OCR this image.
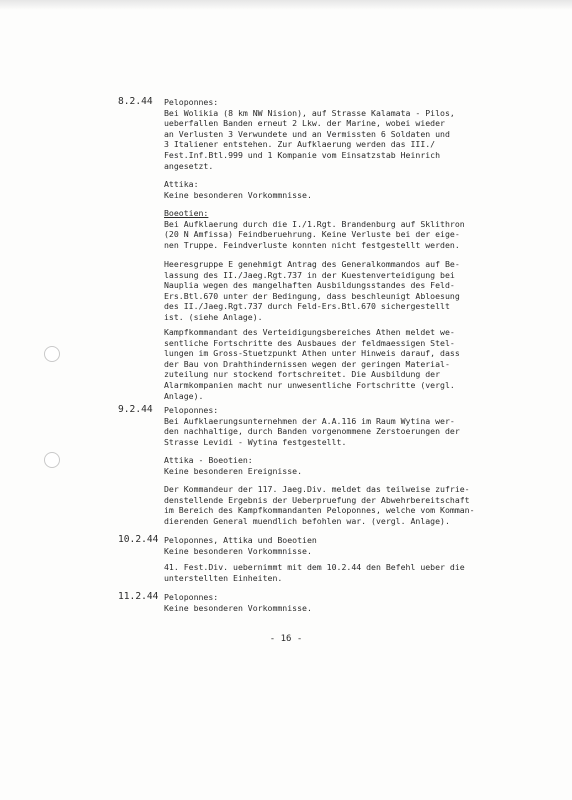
8.2.44 Peloponnes:
Bei Wolikia (8 km NW Nision), auf Strasse Kalamata - Pilos,
ueberfallen Banden erneut 2 Lkw. der Marine, wobei wieder
an Verlusten 3 Verwundete und an Vermissten 6 Soldaten und
3 Italiener entstehen. Zur Aufklaerung werden das III./
Fest.Inf.Btl.999 und 1 Kompanie vom Einsatzstab Heinrich
angesetzt.
Attika:
Keine besonderen Vorkommnisse.
Boeotien:
Bei Aufklaerung durch die I./1.Rgt. Brandenburg auf Sklithron
(20 N Amfissa) Feindberuehrung. Keine Verluste bei der eige-
nen Truppe. Feindverluste konnten nicht festgestellt werden.
Heeresgruppe E genehmigt Antrag des Generalkommandos auf Be-
lassung des II./Jaeg.Rgt.737 in der Kuestenverteidigung bei
Nauplia wegen des mangelhaften Ausbildungsstandes des Feld-
Ers.Btl.670 unter der Bedingung, dass beschleunigt Abloesung
des II./Jaeg.Rgt.737 durch Feld-Ers.Btl.670 sichergestellt
ist. (siehe Anlage).
Kampfkommandant des Verteidigungsbereiches Athen meldet we-
sentliche Fortschritte des Ausbaues der feldmaessigen Stel-
lungen im Gross-Stuetzpunkt Athen unter Hinweis darauf, dass
der Bau von Drahthindernissen wegen der geringen Material-
zuteilung nur stockend fortschreitet. Die Ausbildung der
Alarmkompanien macht nur unwesentliche Fortschritte (vergl.
Anlage).
9.2.44 Peloponnes:
Bei Aufklaerungsunternehmen der A.A.116 im Raum Wytina wer-
den nachhaltige, durch Banden vorgenommene Zerstoerungen der
Strasse Levidi - Wytina festgestellt.
Attika - Boeotien:
Keine besonderen Ereignisse.
Der Kommandeur der 117. Jaeg.Div. meldet das teilweise zufrie-
denstellende Ergebnis der Ueberpruefung der Abwehrbereitschaft
im Bereich des Kampfkommandanten Peloponnes, welche vom Komman-
dierenden General muendlich befohlen war. (vergl. Anlage).
10.2.44 Peloponnes, Attika und Boeotien
Keine besonderen Vorkommnisse.
41. Fest.Div. uebernimmt mit dem 10.2.44 den Befehl ueber die
unterstellten Einheiten.
11.2.44 Peloponnes:
Keine besonderen Vorkommnisse.
- 16 -
